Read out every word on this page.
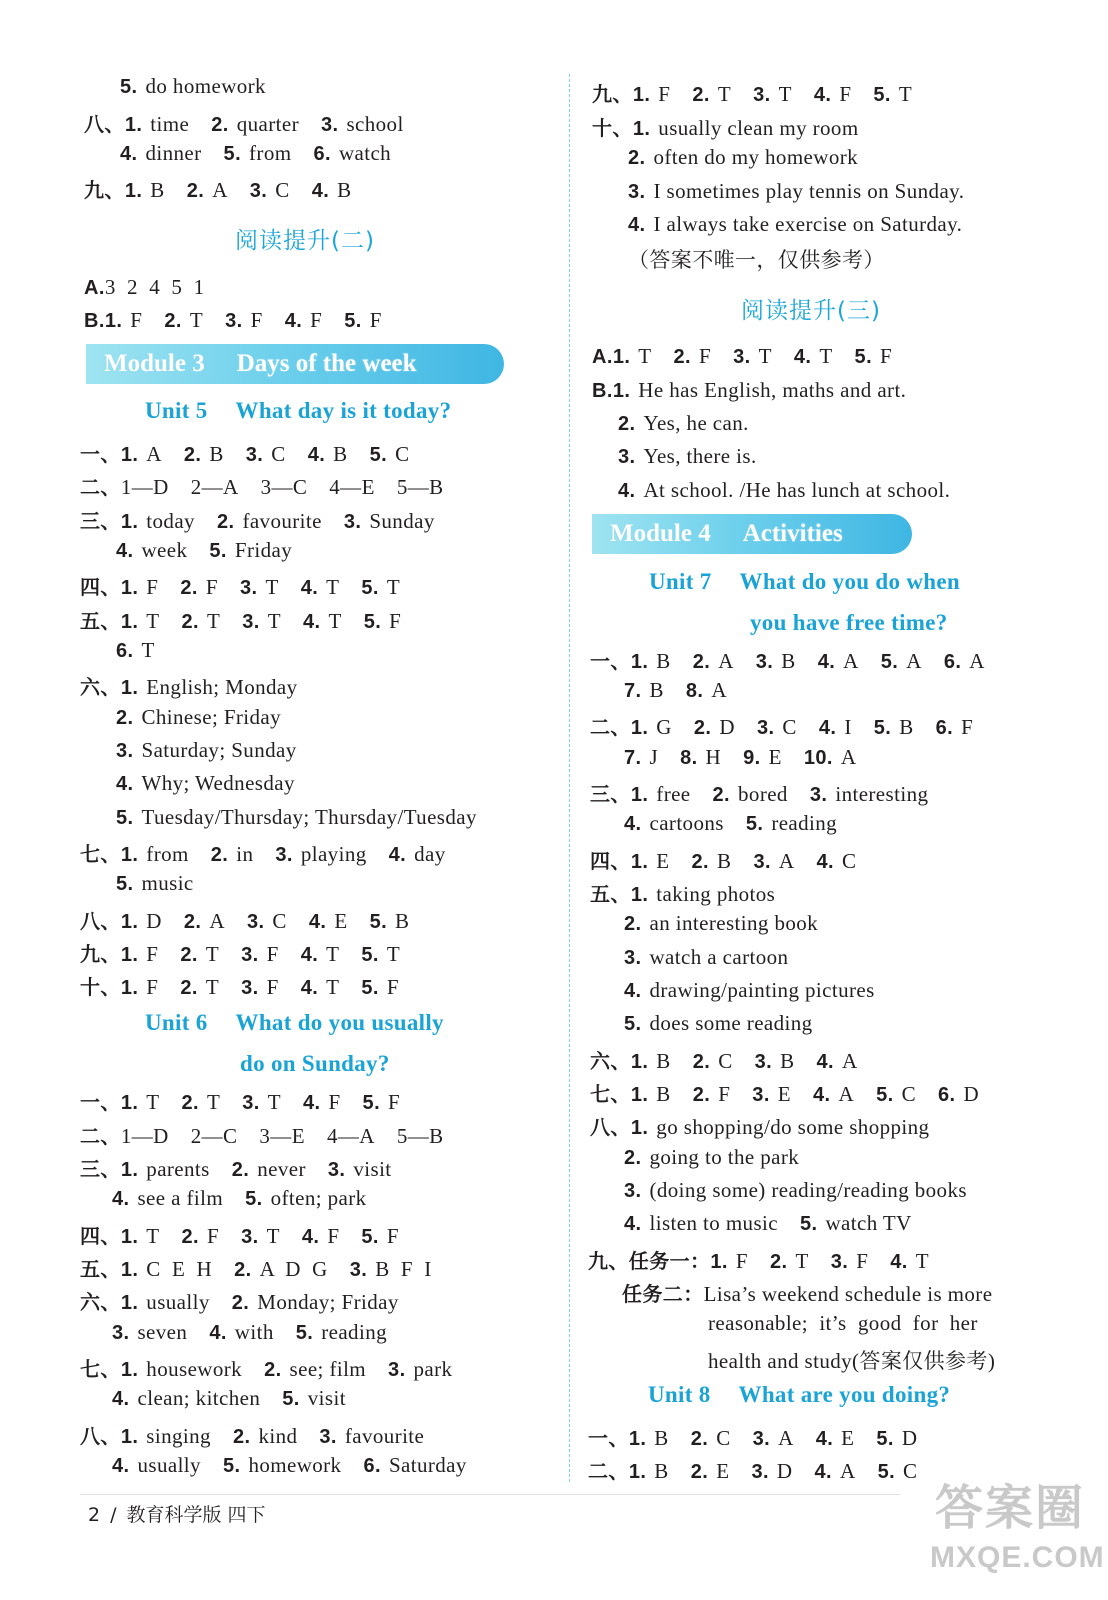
阅读提升(二)
Module 3 Days of the week
Unit 5 What day is it today?
Unit 6 What do you usually
do on Sunday?
5. do homework
八、1. time 2. quarter 3. school
4. dinner 5. from 6. watch
九、1. B 2. A 3. C 4. B
A.3  2  4  5  1
B.1. F 2. T 3. F 4. F 5. F
一、1. A 2. B 3. C 4. B 5. C
二、1—D 2—A 3—C 4—E 5—B
三、1. today 2. favourite 3. Sunday
4. week 5. Friday
四、1. F 2. F 3. T 4. T 5. T
五、1. T 2. T 3. T 4. T 5. F
6. T
六、1. English; Monday
2. Chinese; Friday
3. Saturday; Sunday
4. Why; Wednesday
5. Tuesday/Thursday; Thursday/Tuesday
七、1. from 2. in 3. playing 4. day
5. music
八、1. D 2. A 3. C 4. E 5. B
九、1. F 2. T 3. F 4. T 5. T
十、1. F 2. T 3. F 4. T 5. F
一、1. T 2. T 3. T 4. F 5. F
二、1—D 2—C 3—E 4—A 5—B
三、1. parents 2. never 3. visit
4. see a film 5. often; park
四、1. T 2. F 3. T 4. F 5. F
五、1. C  E  H 2. A  D  G 3. B  F  I
六、1. usually 2. Monday; Friday
3. seven 4. with 5. reading
七、1. housework 2. see; film 3. park
4. clean; kitchen 5. visit
八、1. singing 2. kind 3. favourite
4. usually 5. homework 6. Saturday
阅读提升(三)
Module 4 Activities
Unit 7 What do you do when
you have free time?
Unit 8 What are you doing?
九、1. F 2. T 3. T 4. F 5. T
十、1. usually clean my room
2. often do my homework
3. I sometimes play tennis on Sunday.
4. I always take exercise on Saturday.
（答案不唯一，仅供参考）
A.1. T 2. F 3. T 4. T 5. F
B.1. He has English, maths and art.
2. Yes, he can.
3. Yes, there is.
4. At school. /He has lunch at school.
一、1. B 2. A 3. B 4. A 5. A 6. A
7. B 8. A
二、1. G 2. D 3. C 4. I 5. B 6. F
7. J 8. H 9. E 10. A
三、1. free 2. bored 3. interesting
4. cartoons 5. reading
四、1. E 2. B 3. A 4. C
五、1. taking photos
2. an interesting book
3. watch a cartoon
4. drawing/painting pictures
5. does some reading
六、1. B 2. C 3. B 4. A
七、1. B 2. F 3. E 4. A 5. C 6. D
八、1. go shopping/do some shopping
2. going to the park
3. (doing some) reading/reading books
4. listen to music 5. watch TV
九、任务一：1. F 2. T 3. F 4. T
任务二：Lisa’s weekend schedule is more
reasonable;  it’s  good  for  her
health and study(答案仅供参考)
一、1. B 2. C 3. A 4. E 5. D
二、1. B 2. E 3. D 4. A 5. C
2 / 教育科学版 四下	答案圈
MXQE.COM
